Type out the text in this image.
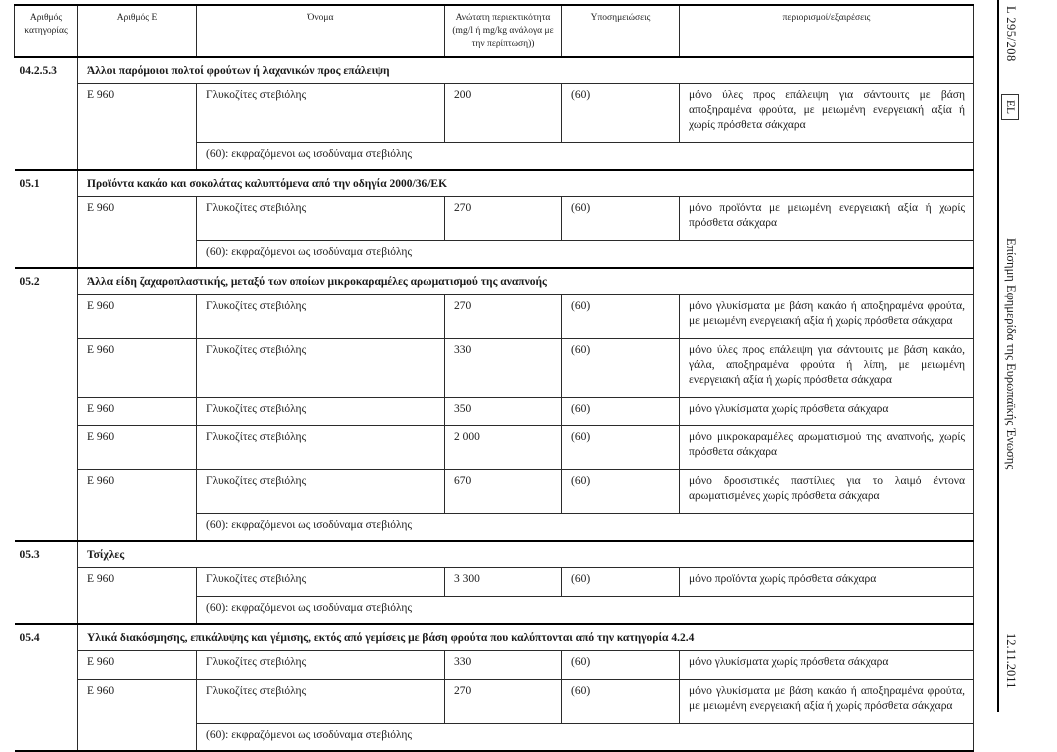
Αριθμός κατηγορίας	Αριθμός Ε	Όνομα	Ανώτατη περιεκτικότητα (mg/l ή mg/kg ανάλογα με την περίπτωση))	Υποσημειώσεις	περιορισμοί/εξαιρέσεις
04.2.5.3	Άλλοι παρόμοιοι πολτοί φρούτων ή λαχανικών προς επάλειψη				
	E 960	Γλυκοζίτες στεβιόλης	200	(60)	μόνο ύλες προς επάλειψη για σάντουιτς με βάση αποξηραμένα φρούτα, με μειωμένη ενεργειακή αξία ή χωρίς πρόσθετα σάκχαρα
		(60): εκφραζόμενοι ως ισοδύναμα στεβιόλης			
05.1	Προϊόντα κακάο και σοκολάτας καλυπτόμενα από την οδηγία 2000/36/ΕΚ				
	E 960	Γλυκοζίτες στεβιόλης	270	(60)	μόνο προϊόντα με μειωμένη ενεργειακή αξία ή χωρίς πρόσθετα σάκχαρα
		(60): εκφραζόμενοι ως ισοδύναμα στεβιόλης			
05.2	Άλλα είδη ζαχαροπλαστικής, μεταξύ των οποίων μικροκαραμέλες αρωματισμού της αναπνοής				
	E 960	Γλυκοζίτες στεβιόλης	270	(60)	μόνο γλυκίσματα με βάση κακάο ή αποξηραμένα φρούτα, με μειωμένη ενεργειακή αξία ή χωρίς πρόσθετα σάκχαρα
	E 960	Γλυκοζίτες στεβιόλης	330	(60)	μόνο ύλες προς επάλειψη για σάντουιτς με βάση κακάο, γάλα, αποξηραμένα φρούτα ή λίπη, με μειωμένη ενεργειακή αξία ή χωρίς πρόσθετα σάκχαρα
	E 960	Γλυκοζίτες στεβιόλης	350	(60)	μόνο γλυκίσματα χωρίς πρόσθετα σάκχαρα
	E 960	Γλυκοζίτες στεβιόλης	2 000	(60)	μόνο μικροκαραμέλες αρωματισμού της αναπνοής, χωρίς πρόσθετα σάκχαρα
	E 960	Γλυκοζίτες στεβιόλης	670	(60)	μόνο δροσιστικές παστίλιες για το λαιμό έντονα αρωματισμένες χωρίς πρόσθετα σάκχαρα
		(60): εκφραζόμενοι ως ισοδύναμα στεβιόλης			
05.3	Τσίχλες				
	E 960	Γλυκοζίτες στεβιόλης	3 300	(60)	μόνο προϊόντα χωρίς πρόσθετα σάκχαρα
		(60): εκφραζόμενοι ως ισοδύναμα στεβιόλης			
05.4	Υλικά διακόσμησης, επικάλυψης και γέμισης, εκτός από γεμίσεις με βάση φρούτα που καλύπτονται από την κατηγορία 4.2.4				
	E 960	Γλυκοζίτες στεβιόλης	330	(60)	μόνο γλυκίσματα χωρίς πρόσθετα σάκχαρα
	E 960	Γλυκοζίτες στεβιόλης	270	(60)	μόνο γλυκίσματα με βάση κακάο ή αποξηραμένα φρούτα, με μειωμένη ενεργειακή αξία ή χωρίς πρόσθετα σάκχαρα
		(60): εκφραζόμενοι ως ισοδύναμα στεβιόλης			
L 295/208
EL
Επίσημη Εφημερίδα της Ευρωπαϊκής Ένωσης
12.11.2011
